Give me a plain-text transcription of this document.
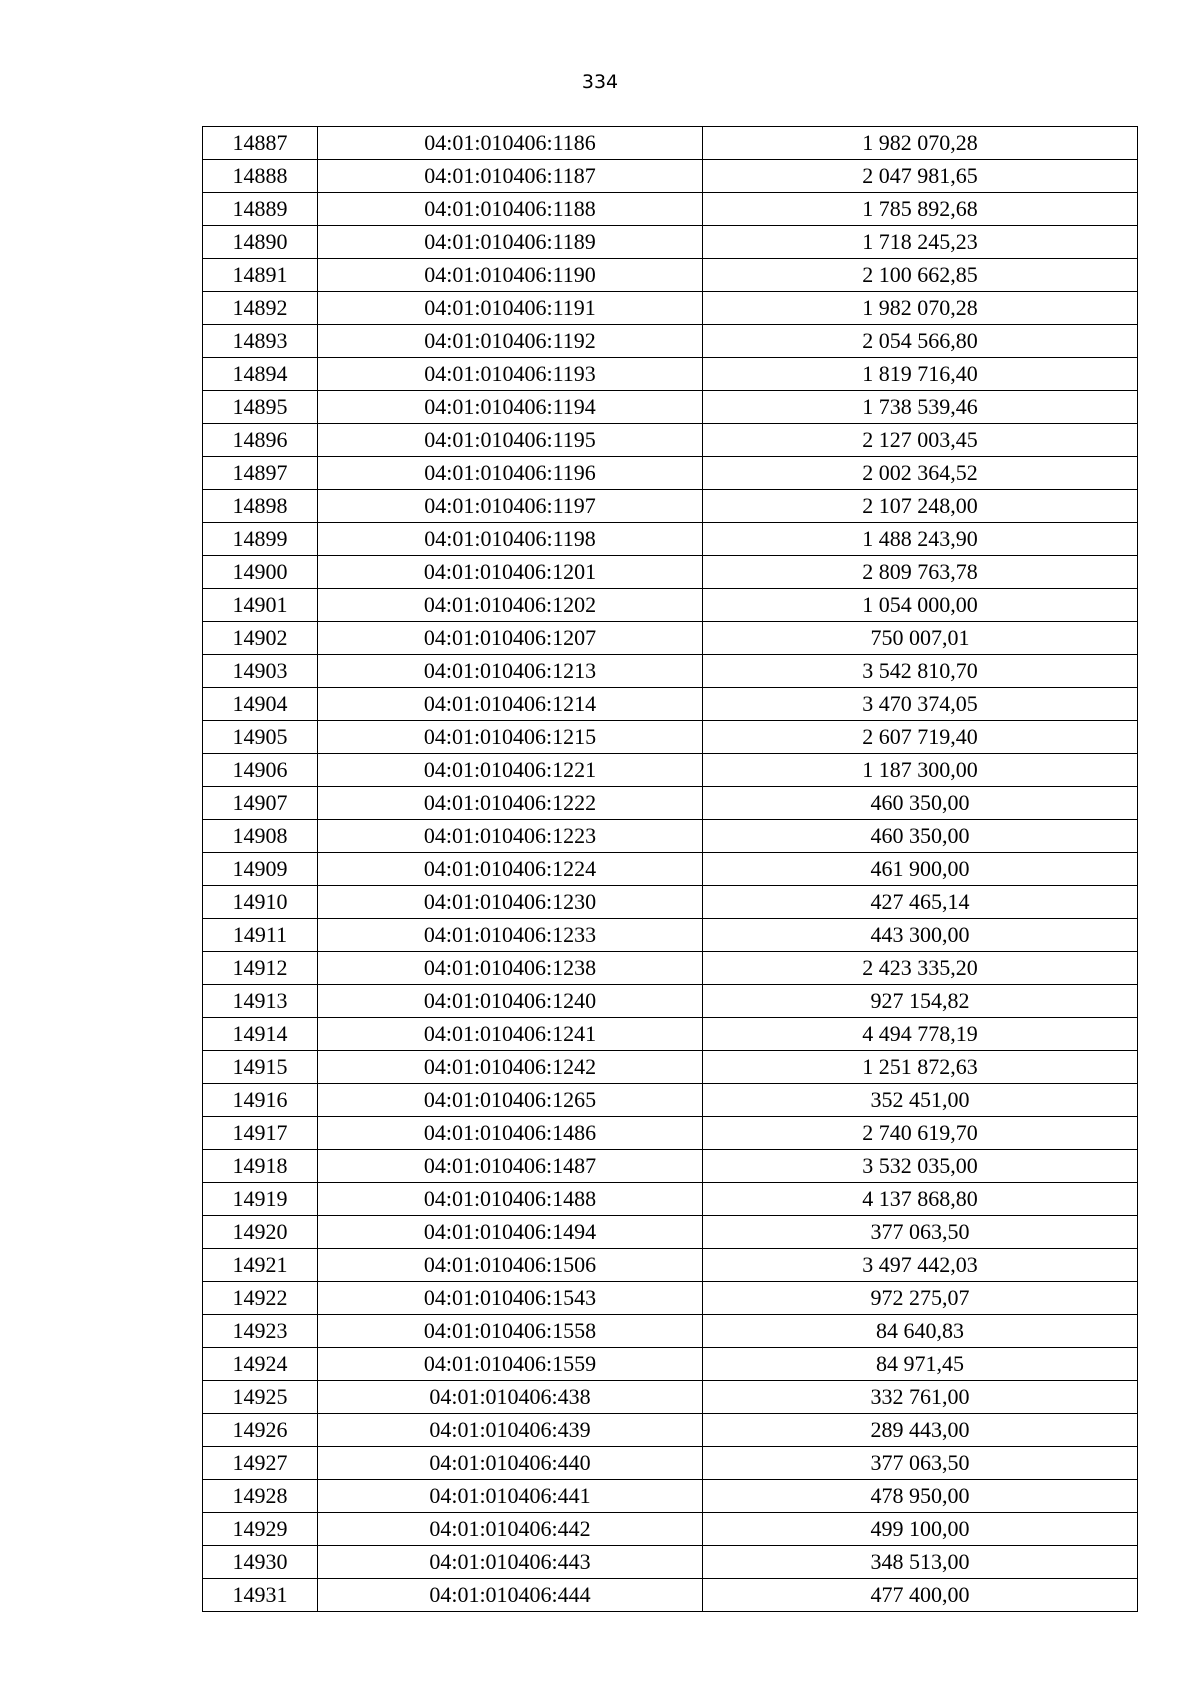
334
14887	04:01:010406:1186	1 982 070,28
14888	04:01:010406:1187	2 047 981,65
14889	04:01:010406:1188	1 785 892,68
14890	04:01:010406:1189	1 718 245,23
14891	04:01:010406:1190	2 100 662,85
14892	04:01:010406:1191	1 982 070,28
14893	04:01:010406:1192	2 054 566,80
14894	04:01:010406:1193	1 819 716,40
14895	04:01:010406:1194	1 738 539,46
14896	04:01:010406:1195	2 127 003,45
14897	04:01:010406:1196	2 002 364,52
14898	04:01:010406:1197	2 107 248,00
14899	04:01:010406:1198	1 488 243,90
14900	04:01:010406:1201	2 809 763,78
14901	04:01:010406:1202	1 054 000,00
14902	04:01:010406:1207	750 007,01
14903	04:01:010406:1213	3 542 810,70
14904	04:01:010406:1214	3 470 374,05
14905	04:01:010406:1215	2 607 719,40
14906	04:01:010406:1221	1 187 300,00
14907	04:01:010406:1222	460 350,00
14908	04:01:010406:1223	460 350,00
14909	04:01:010406:1224	461 900,00
14910	04:01:010406:1230	427 465,14
14911	04:01:010406:1233	443 300,00
14912	04:01:010406:1238	2 423 335,20
14913	04:01:010406:1240	927 154,82
14914	04:01:010406:1241	4 494 778,19
14915	04:01:010406:1242	1 251 872,63
14916	04:01:010406:1265	352 451,00
14917	04:01:010406:1486	2 740 619,70
14918	04:01:010406:1487	3 532 035,00
14919	04:01:010406:1488	4 137 868,80
14920	04:01:010406:1494	377 063,50
14921	04:01:010406:1506	3 497 442,03
14922	04:01:010406:1543	972 275,07
14923	04:01:010406:1558	84 640,83
14924	04:01:010406:1559	84 971,45
14925	04:01:010406:438	332 761,00
14926	04:01:010406:439	289 443,00
14927	04:01:010406:440	377 063,50
14928	04:01:010406:441	478 950,00
14929	04:01:010406:442	499 100,00
14930	04:01:010406:443	348 513,00
14931	04:01:010406:444	477 400,00
